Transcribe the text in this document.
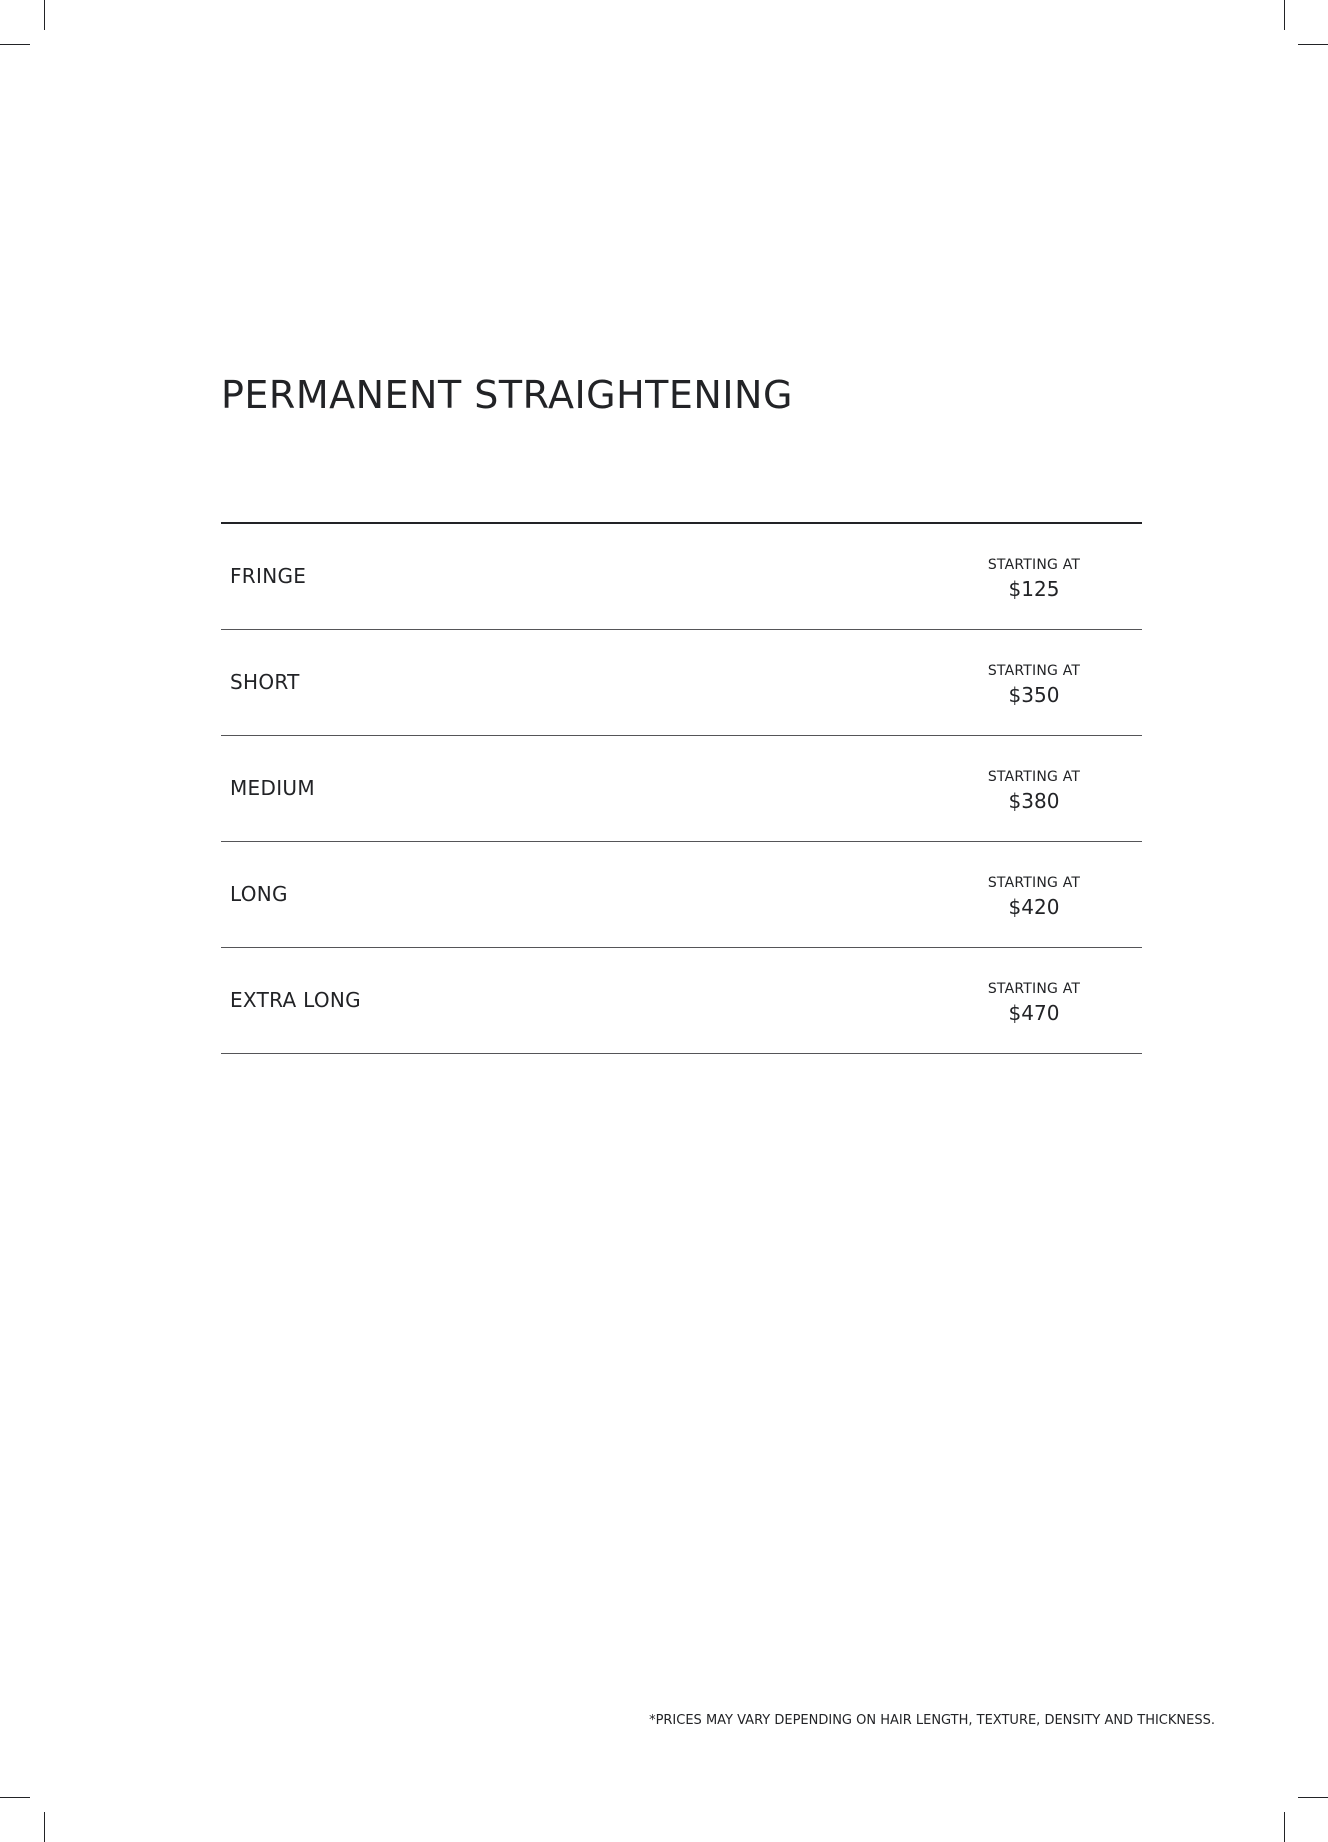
PERMANENT STRAIGHTENING
FRINGE	STARTING AT
$125
SHORT	STARTING AT
$350
MEDIUM	STARTING AT
$380
LONG	STARTING AT
$420
EXTRA LONG	STARTING AT
$470
*PRICES MAY VARY DEPENDING ON HAIR LENGTH, TEXTURE, DENSITY AND THICKNESS.
